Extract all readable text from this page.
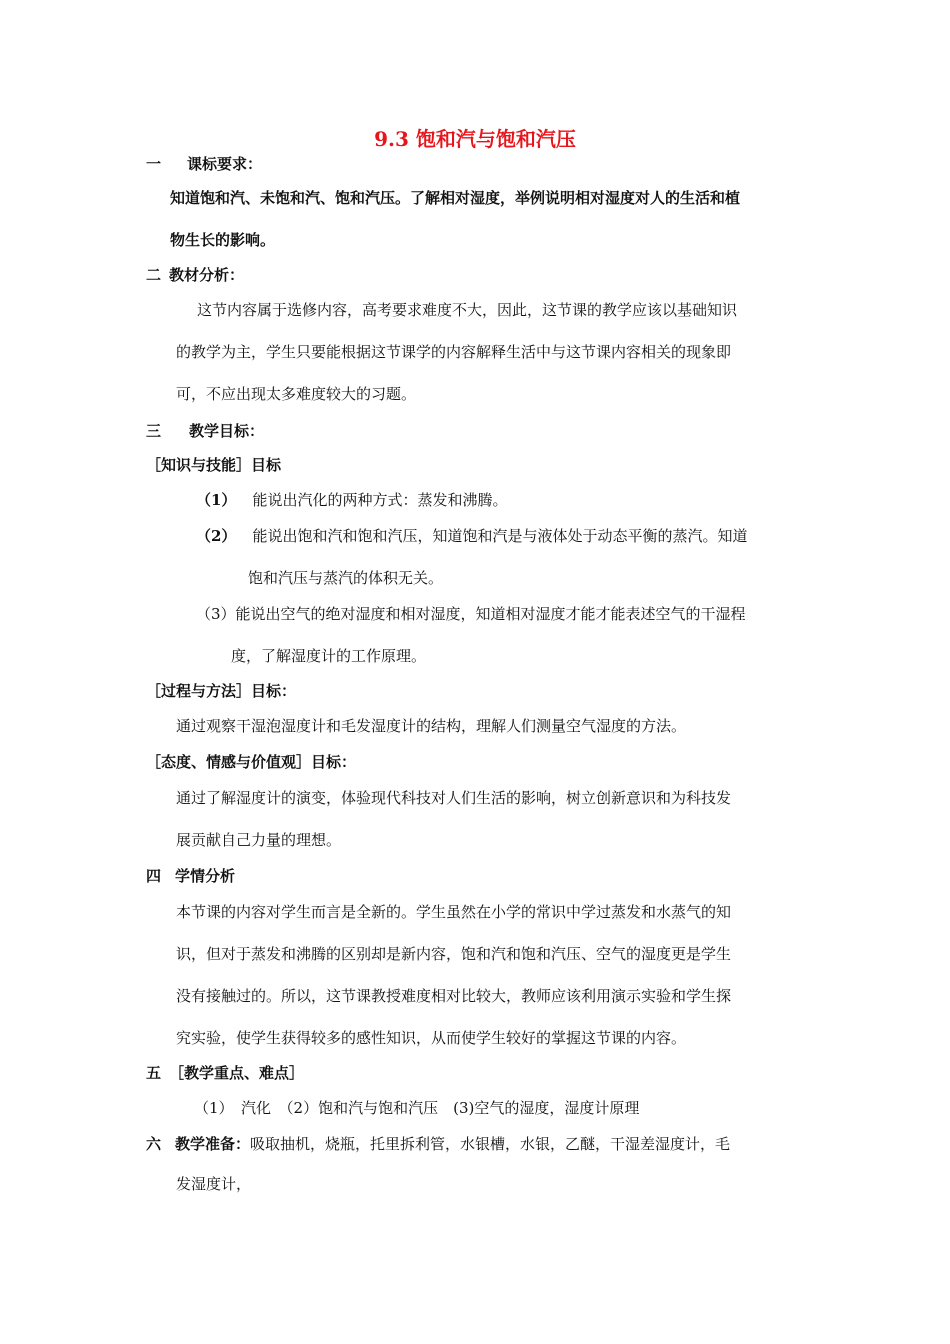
9.3 饱和汽与饱和汽压
一 课标要求：
知道饱和汽、未饱和汽、饱和汽压。了解相对湿度，举例说明相对湿度对人的生活和植
物生长的影响。
二 教材分析：
这节内容属于选修内容，高考要求难度不大，因此，这节课的教学应该以基础知识
的教学为主，学生只要能根据这节课学的内容解释生活中与这节课内容相关的现象即
可，不应出现太多难度较大的习题。
三 教学目标：
［知识与技能］目标
（1） 能说出汽化的两种方式：蒸发和沸腾。
（2） 能说出饱和汽和饱和汽压，知道饱和汽是与液体处于动态平衡的蒸汽。知道
饱和汽压与蒸汽的体积无关。
（3）能说出空气的绝对湿度和相对湿度，知道相对湿度才能才能表述空气的干湿程
度，了解湿度计的工作原理。
［过程与方法］目标：
通过观察干湿泡湿度计和毛发湿度计的结构，理解人们测量空气湿度的方法。
［态度、情感与价值观］目标：
通过了解湿度计的演变，体验现代科技对人们生活的影响，树立创新意识和为科技发
展贡献自己力量的理想。
四 学情分析
本节课的内容对学生而言是全新的。学生虽然在小学的常识中学过蒸发和水蒸气的知
识，但对于蒸发和沸腾的区别却是新内容，饱和汽和饱和汽压、空气的湿度更是学生
没有接触过的。所以，这节课教授难度相对比较大，教师应该利用演示实验和学生探
究实验，使学生获得较多的感性知识，从而使学生较好的掌握这节课的内容。
五 ［教学重点、难点］
（1）　汽化　（2）饱和汽与饱和汽压　(3)空气的湿度，湿度计原理
六 教学准备：吸取抽机，烧瓶，托里拆利管，水银槽，水银，乙醚，干湿差湿度计，毛
发湿度计，
